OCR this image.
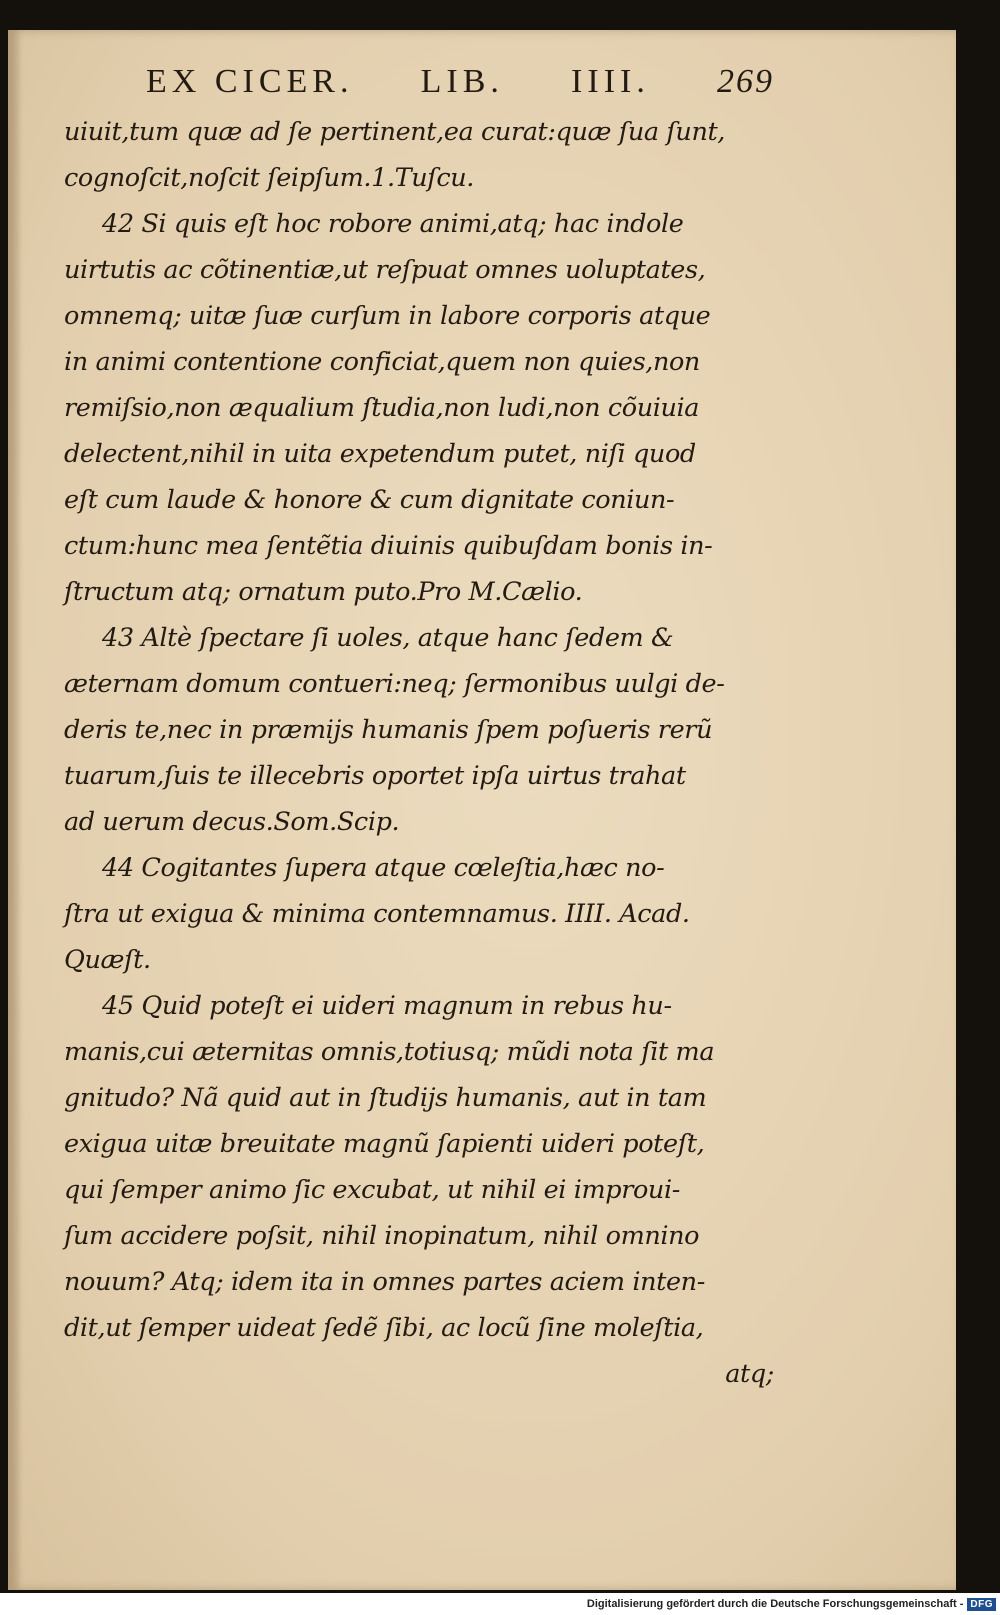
EX CICER. LIB. IIII. 269
uiuit,tum quæ ad ſe pertinent,ea curat:quæ ſua ſunt,
cognoſcit,noſcit ſeipſum.1.Tuſcu.
42 Si quis eſt hoc robore animi,atq; hac indole
uirtutis ac cõtinentiæ,ut reſpuat omnes uoluptates,
omnemq; uitæ ſuæ curſum in labore corporis atque
in animi contentione conficiat,quem non quies,non
remiſsio,non æqualium ſtudia,non ludi,non cõuiuia
delectent,nihil in uita expetendum putet, niſi quod
eſt cum laude & honore & cum dignitate coniun-
ctum:hunc mea ſentẽtia diuinis quibuſdam bonis in-
ſtructum atq; ornatum puto.Pro M.Cælio.
43 Altè ſpectare ſi uoles, atque hanc ſedem &
æternam domum contueri:neq; ſermonibus uulgi de-
deris te,nec in præmijs humanis ſpem poſueris rerũ
tuarum,ſuis te illecebris oportet ipſa uirtus trahat
ad uerum decus.Som.Scip.
44 Cogitantes ſupera atque cœleſtia,hæc no-
ſtra ut exigua & minima contemnamus. IIII. Acad.
Quæſt.
45 Quid poteſt ei uideri magnum in rebus hu-
manis,cui æternitas omnis,totiusq; mũdi nota ſit ma
gnitudo? Nã quid aut in ſtudijs humanis, aut in tam
exigua uitæ breuitate magnũ ſapienti uideri poteſt,
qui ſemper animo ſic excubat, ut nihil ei improui-
ſum accidere poſsit, nihil inopinatum, nihil omnino
nouum? Atq; idem ita in omnes partes aciem inten-
dit,ut ſemper uideat ſedẽ ſibi, ac locũ ſine moleſtia,
atq;
Digitalisierung gefördert durch die Deutsche Forschungsgemeinschaft - DFG
